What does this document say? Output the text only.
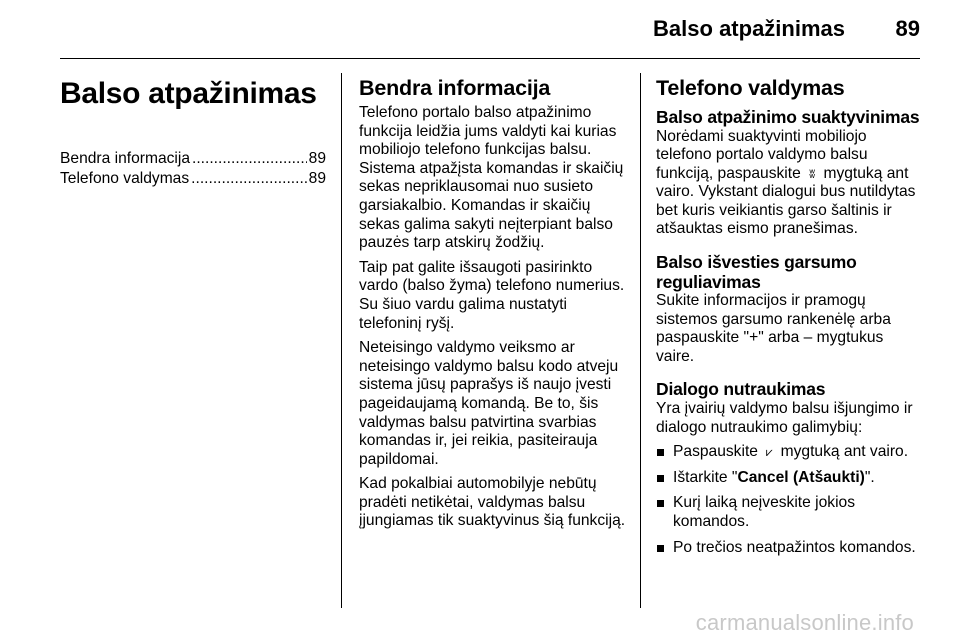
Balso atpažinimas 89
Balso atpažinimas
Bendra informacija .....	89
Telefono valdymas .....	89
Bendra informacija

Telefono portalo balso atpažinimo funkcija leidžia jums valdyti kai kurias mobiliojo telefono funkcijas balsu. Sistema atpažįsta komandas ir skaičių sekas nepriklausomai nuo susieto garsiakalbio. Komandas ir skaičių sekas galima sakyti neįterpiant balso pauzės tarp atskirų žodžių.

Taip pat galite išsaugoti pasirinkto vardo (balso žyma) telefono numerius. Su šiuo vardu galima nustatyti telefoninį ryšį.

Neteisingo valdymo veiksmo ar neteisingo valdymo balsu kodo atveju sistema jūsų paprašys iš naujo įvesti pageidaujamą komandą. Be to, šis valdymas balsu patvirtina svarbias komandas ir, jei reikia, pasiteirauja papildomai.

Kad pokalbiai automobilyje nebūtų pradėti netikėtai, valdymas balsu įjungiamas tik suaktyvinus šią funkciją.

Telefono valdymas
Balso atpažinimo suaktyvinimas

Norėdami suaktyvinti mobiliojo telefono portalo valdymo balsu funkciją, paspauskite ʬ mygtuką ant vairo. Vykstant dialogui bus nutildytas bet kuris veikiantis garso šaltinis ir atšauktas eismo pranešimas.

Balso išvesties garsumo reguliavimas

Sukite informacijos ir pramogų sistemos garsumo rankenėlę arba paspauskite "+" arba – mygtukus vaire.

Dialogo nutraukimas

Yra įvairių valdymo balsu išjungimo ir dialogo nutraukimo galimybių:

Paspauskite ⩗ mygtuką ant vairo.
Ištarkite "Cancel (Atšaukti)".
Kurį laiką neįveskite jokios komandos.
Po trečios neatpažintos komandos.
carmanualsonline.info
